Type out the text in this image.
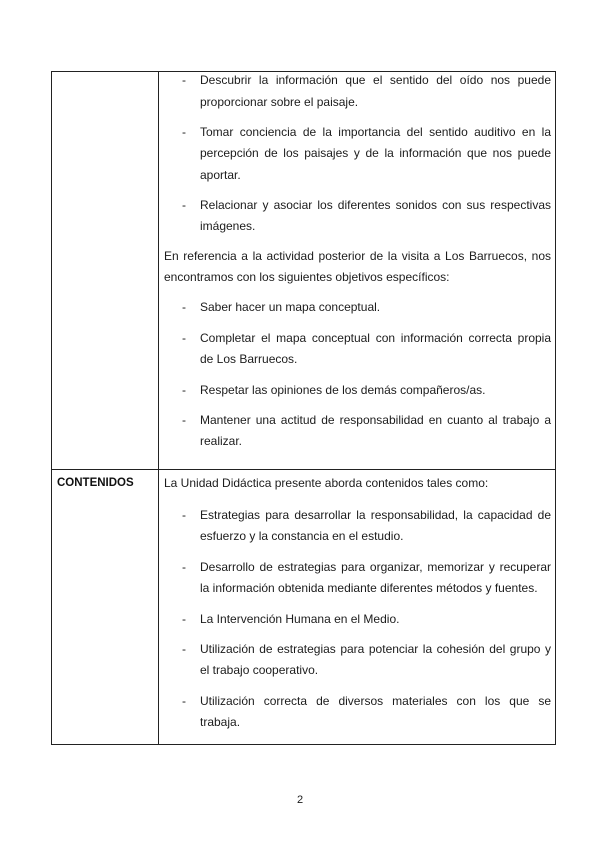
CONTENIDOS
- Descubrir la información que el sentido del oído nos puede
proporcionar sobre el paisaje.
- Tomar conciencia de la importancia del sentido auditivo en la
percepción de los paisajes y de la información que nos puede
aportar.
- Relacionar y asociar los diferentes sonidos con sus respectivas
imágenes.
En referencia a la actividad posterior de la visita a Los Barruecos, nos
encontramos con los siguientes objetivos específicos:
- Saber hacer un mapa conceptual.
- Completar el mapa conceptual con información correcta propia
de Los Barruecos.
- Respetar las opiniones de los demás compañeros/as.
- Mantener una actitud de responsabilidad en cuanto al trabajo a
realizar.
La Unidad Didáctica presente aborda contenidos tales como:
- Estrategias para desarrollar la responsabilidad, la capacidad de
esfuerzo y la constancia en el estudio.
- Desarrollo de estrategias para organizar, memorizar y recuperar
la información obtenida mediante diferentes métodos y fuentes.
- La Intervención Humana en el Medio.
- Utilización de estrategias para potenciar la cohesión del grupo y
el trabajo cooperativo.
- Utilización correcta de diversos materiales con los que se
trabaja.
2
